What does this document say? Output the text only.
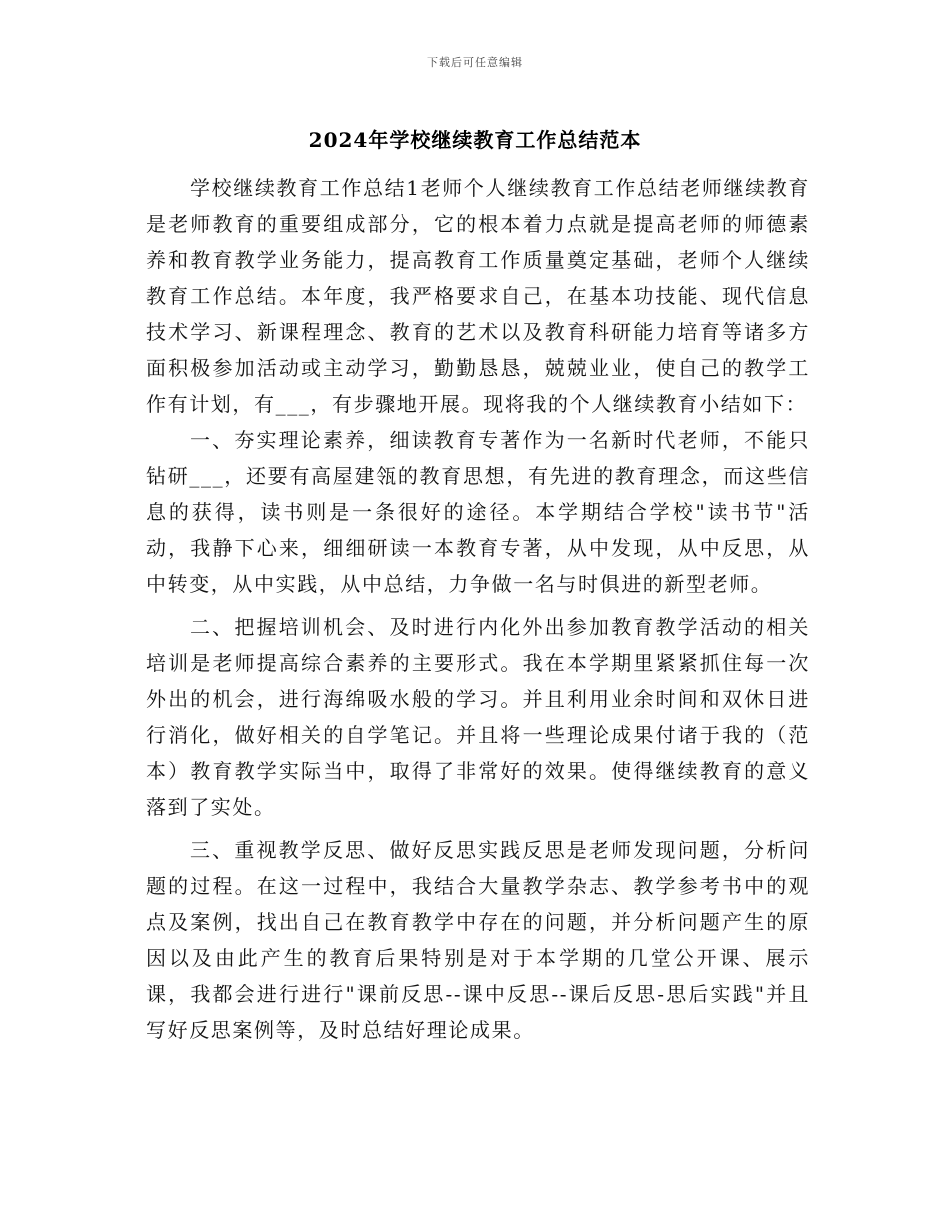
下载后可任意编辑
2024年学校继续教育工作总结范本

学校继续教育工作总结1老师个人继续教育工作总结老师继续教育是老师教育的重要组成部分，它的根本着力点就是提高老师的师德素养和教育教学业务能力，提高教育工作质量奠定基础，老师个人继续教育工作总结。本年度，我严格要求自己，在基本功技能、现代信息技术学习、新课程理念、教育的艺术以及教育科研能力培育等诸多方面积极参加活动或主动学习，勤勤恳恳，兢兢业业，使自己的教学工作有计划，有___，有步骤地开展。现将我的个人继续教育小结如下：

一、夯实理论素养，细读教育专著作为一名新时代老师，不能只钻研___，还要有高屋建瓴的教育思想，有先进的教育理念，而这些信息的获得，读书则是一条很好的途径。本学期结合学校"读书节"活动，我静下心来，细细研读一本教育专著，从中发现，从中反思，从中转变，从中实践，从中总结，力争做一名与时俱进的新型老师。

二、把握培训机会、及时进行内化外出参加教育教学活动的相关培训是老师提高综合素养的主要形式。我在本学期里紧紧抓住每一次外出的机会，进行海绵吸水般的学习。并且利用业余时间和双休日进行消化，做好相关的自学笔记。并且将一些理论成果付诸于我的（范本）教育教学实际当中，取得了非常好的效果。使得继续教育的意义落到了实处。

三、重视教学反思、做好反思实践反思是老师发现问题，分析问题的过程。在这一过程中，我结合大量教学杂志、教学参考书中的观点及案例，找出自己在教育教学中存在的问题，并分析问题产生的原因以及由此产生的教育后果特别是对于本学期的几堂公开课、展示课，我都会进行进行"课前反思--课中反思--课后反思-思后实践"并且写好反思案例等，及时总结好理论成果。
